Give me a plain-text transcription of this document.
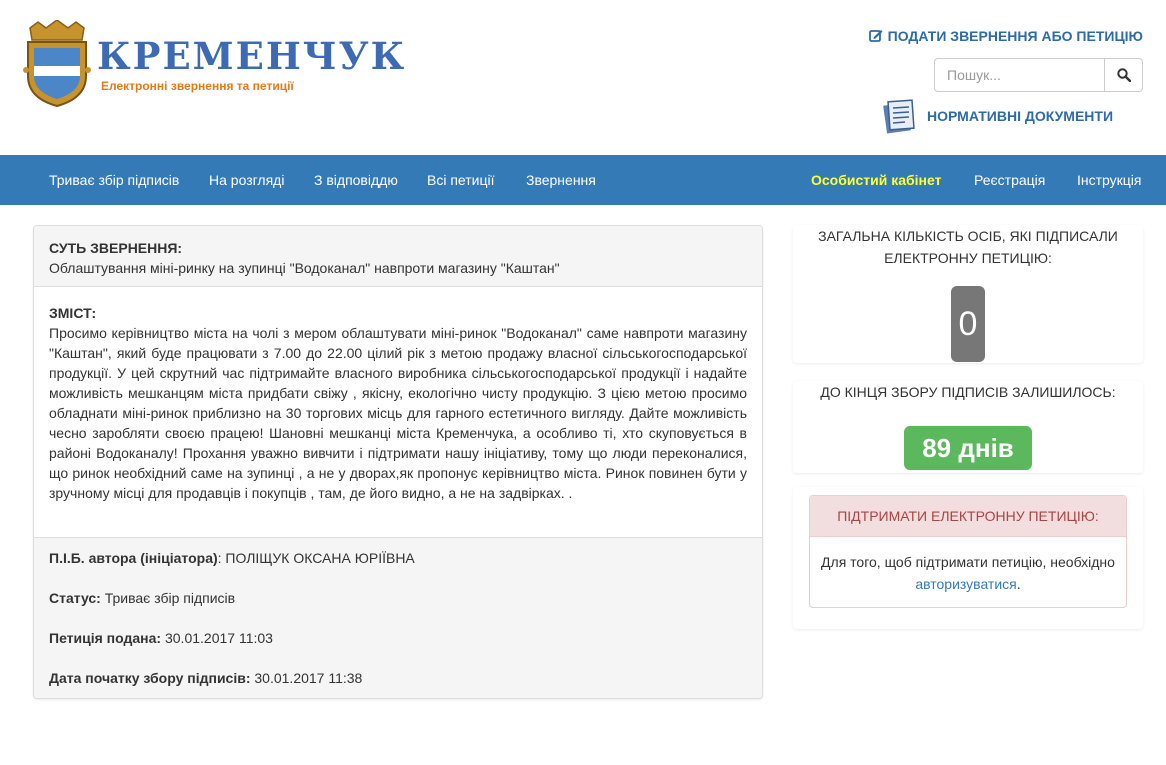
КРЕМЕНЧУК
Електронні звернення та петиції
ПОДАТИ ЗВЕРНЕННЯ АБО ПЕТИЦІЮ
Пошук...
НОРМАТИВНІ ДОКУМЕНТИ
Триває збір підписів На розгляді З відповіддю Всі петиції Звернення	Особистий кабінет Реєстрація Інструкція
СУТЬ ЗВЕРНЕННЯ:
Облаштування міні-ринку на зупинці "Водоканал" навпроти магазину "Каштан"
ЗМІСТ:
Просимо керівництво міста на чолі з мером облаштувати міні-ринок "Водоканал" саме навпроти магазину "Каштан", який буде працювати з 7.00 до 22.00 цілий рік з метою продажу власної сільськогосподарської продукції. У цей скрутний час підтримайте власного виробника сільськогосподарської продукції і надайте можливість мешканцям міста придбати свіжу , якісну, екологічно чисту продукцію. З цією метою просимо обладнати міні-ринок приблизно на 30 торгових місць для гарного естетичного вигляду. Дайте можливість чесно заробляти своєю працею! Шановні мешканці міста Кременчука, а особливо ті, хто скуповується в районі Водоканалу! Прохання уважно вивчити і підтримати нашу ініціативу, тому що люди переконалися, що ринок необхідний саме на зупинці , а не у дворах,як пропонує керівництво міста. Ринок повинен бути у зручному місці для продавців і покупців , там, де його видно, а не на задвірках. .
П.І.Б. автора (ініціатора): ПОЛІЩУК ОКСАНА ЮРІЇВНА
Статус: Триває збір підписів
Петиція подана: 30.01.2017 11:03
Дата початку збору підписів: 30.01.2017 11:38
ЗАГАЛЬНА КІЛЬКІСТЬ ОСІБ, ЯКІ ПІДПИСАЛИ ЕЛЕКТРОННУ ПЕТИЦІЮ:
0
ДО КІНЦЯ ЗБОРУ ПІДПИСІВ ЗАЛИШИЛОСЬ:
89 днів
ПІДТРИМАТИ ЕЛЕКТРОННУ ПЕТИЦІЮ:
Для того, щоб підтримати петицію, необхідно авторизуватися.
